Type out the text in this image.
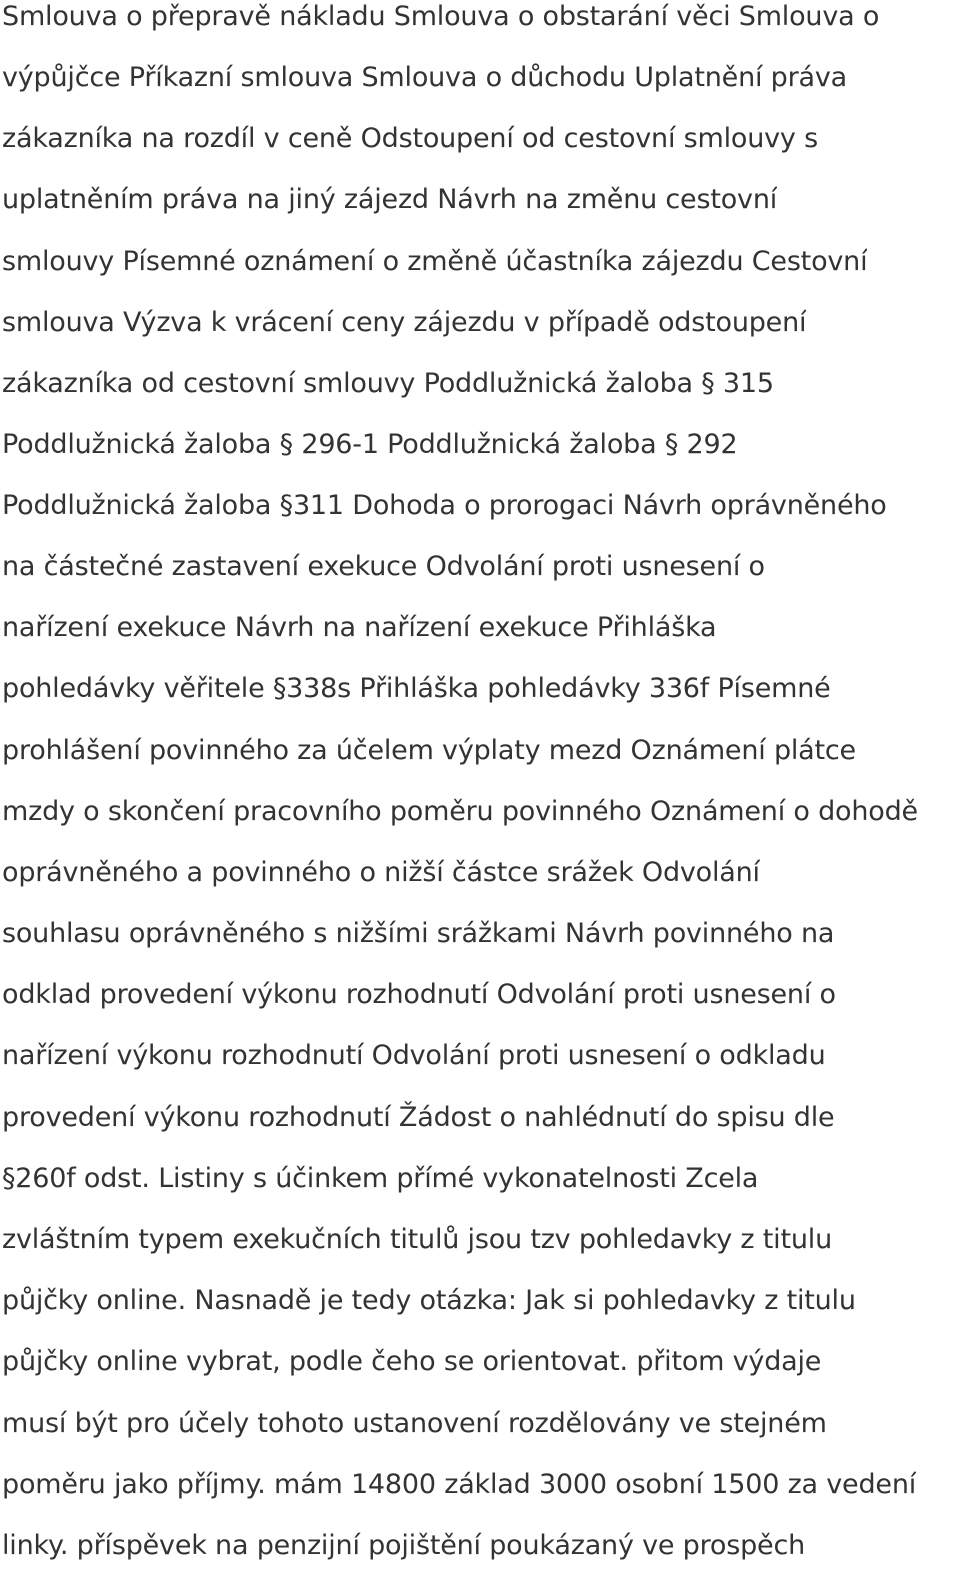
Smlouva o přepravě nákladu Smlouva o obstarání věci Smlouva o
výpůjčce Příkazní smlouva Smlouva o důchodu Uplatnění práva
zákazníka na rozdíl v ceně Odstoupení od cestovní smlouvy s
uplatněním práva na jiný zájezd Návrh na změnu cestovní
smlouvy Písemné oznámení o změně účastníka zájezdu Cestovní
smlouva Výzva k vrácení ceny zájezdu v případě odstoupení
zákazníka od cestovní smlouvy Poddlužnická žaloba § 315
Poddlužnická žaloba § 296-1 Poddlužnická žaloba § 292
Poddlužnická žaloba §311 Dohoda o prorogaci Návrh oprávněného
na částečné zastavení exekuce Odvolání proti usnesení o
nařízení exekuce Návrh na nařízení exekuce Přihláška
pohledávky věřitele §338s Přihláška pohledávky 336f Písemné
prohlášení povinného za účelem výplaty mezd Oznámení plátce
mzdy o skončení pracovního poměru povinného Oznámení o dohodě
oprávněného a povinného o nižší částce srážek Odvolání
souhlasu oprávněného s nižšími srážkami Návrh povinného na
odklad provedení výkonu rozhodnutí Odvolání proti usnesení o
nařízení výkonu rozhodnutí Odvolání proti usnesení o odkladu
provedení výkonu rozhodnutí Žádost o nahlédnutí do spisu dle
§260f odst. Listiny s účinkem přímé vykonatelnosti Zcela
zvláštním typem exekučních titulů jsou tzv pohledavky z titulu
půjčky online. Nasnadě je tedy otázka: Jak si pohledavky z titulu
půjčky online vybrat, podle čeho se orientovat. přitom výdaje
musí být pro účely tohoto ustanovení rozdělovány ve stejném
poměru jako příjmy. mám 14800 základ 3000 osobní 1500 za vedení
linky. příspěvek na penzijní pojištění poukázaný ve prospěch
